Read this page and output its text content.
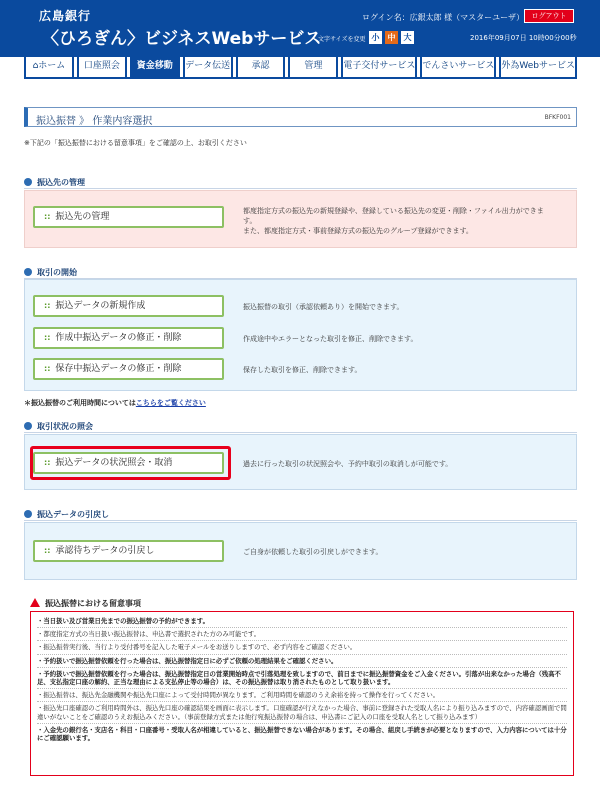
広島銀行
〈ひろぎん〉ビジネスWebサービス
ログイン名：広銀太郎 様（マスターユーザ）	ログアウト
文字サイズを変更 小	中	大	2016年09月07日 10時00分00秒
⌂ホーム	口座照会	資金移動	データ伝送	承認	管理	電子交付サービス でんさいサービス 外為Webサービス
振込振替 》 作業内容選択	BFKF001
※下記の「振込振替における留意事項」をご確認の上、お取引ください
振込先の管理
:: 振込先の管理
都度指定方式の振込先の新規登録や、登録している振込先の変更・削除・ファイル出力ができます。
また、都度指定方式・事前登録方式の振込先のグループ登録ができます。
取引の開始
:: 振込データの新規作成	振込振替の取引（承認依頼あり）を開始できます。
:: 作成中振込データの修正・削除	作成途中やエラーとなった取引を修正、削除できます。
:: 保存中振込データの修正・削除	保存した取引を修正、削除できます。
＊振込振替のご利用時間についてはこちらをご覧ください
取引状況の照会
:: 振込データの状況照会・取消	過去に行った取引の状況照会や、予約中取引の取消しが可能です。
振込データの引戻し
:: 承認待ちデータの引戻し	ご自身が依頼した取引の引戻しができます。
振込振替における留意事項
・当日扱い及び営業日先までの振込振替の予約ができます。
・都度指定方式の当日扱い振込振替は、申込書で選択された方のみ可能です。
・振込振替実行後、当行より受付番号を記入した電子メールをお送りしますので、必ず内容をご確認ください。
・予約扱いで振込振替依頼を行った場合は、振込振替指定日に必ずご依頼の処理結果をご確認ください。
・予約扱いで振込振替依頼を行った場合は、振込振替指定日の営業開始時点で引落処理を致しますので、前日までに振込振替資金をご入金ください。引落が出来なかった場合（残高不足、支払指定口座の解約、正当な理由による支払停止等の場合）は、その振込振替は取り消されたものとして取り扱います。
・振込振替は、振込先金融機関や振込先口座によって受付時間が異なります。ご利用時間を確認のうえ余裕を持って操作を行ってください。
・振込先口座確認のご利用時間外は、振込先口座の確認結果を画面に表示します。口座確認が行えなかった場合、事前に登録された受取人名により振り込みますので、内容確認画面で間違いがないことをご確認のうえお振込みください。（事前登録方式または他行宛振込振替の場合は、申込書にご記入の口座を受取人名として振り込みます）
・入金先の銀行名・支店名・科目・口座番号・受取人名が相違していると、振込振替できない場合があります。その場合、組戻し手続きが必要となりますので、入力内容については十分にご確認願います。
